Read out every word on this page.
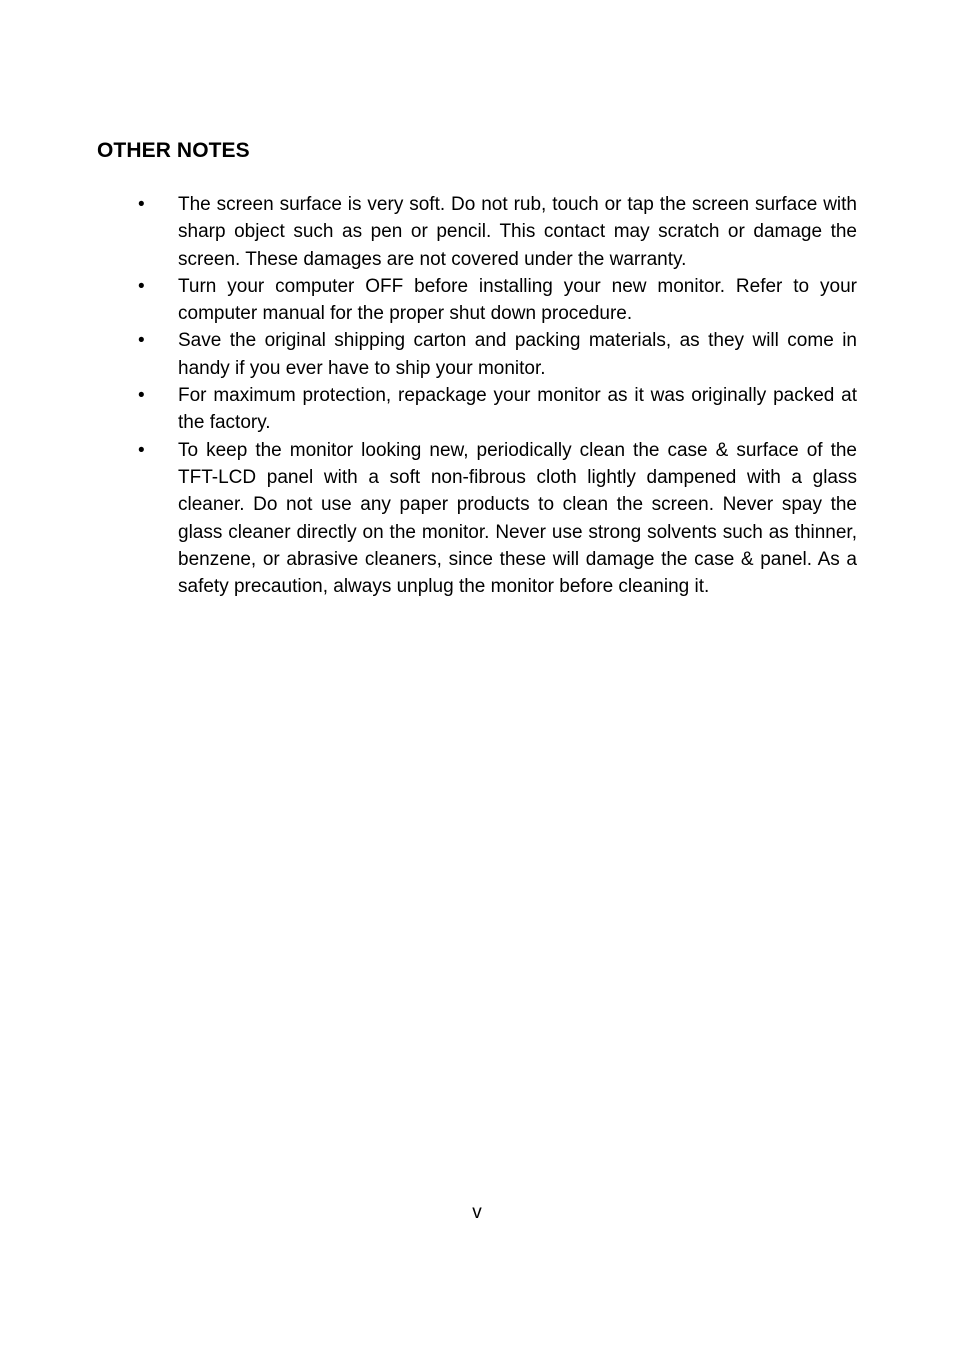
OTHER NOTES
• The screen surface is very soft. Do not rub, touch or tap the screen surface with sharp object such as pen or pencil. This contact may scratch or damage the screen. These damages are not covered under the warranty.
• Turn your computer OFF before installing your new monitor. Refer to your computer manual for the proper shut down procedure.
• Save the original shipping carton and packing materials, as they will come in handy if you ever have to ship your monitor.
• For maximum protection, repackage your monitor as it was originally packed at the factory.
• To keep the monitor looking new, periodically clean the case & surface of the TFT-LCD panel with a soft non-fibrous cloth lightly dampened with a glass cleaner. Do not use any paper products to clean the screen. Never spay the glass cleaner directly on the monitor. Never use strong solvents such as thinner, benzene, or abrasive cleaners, since these will damage the case & panel. As a safety precaution, always unplug the monitor before cleaning it.
v
